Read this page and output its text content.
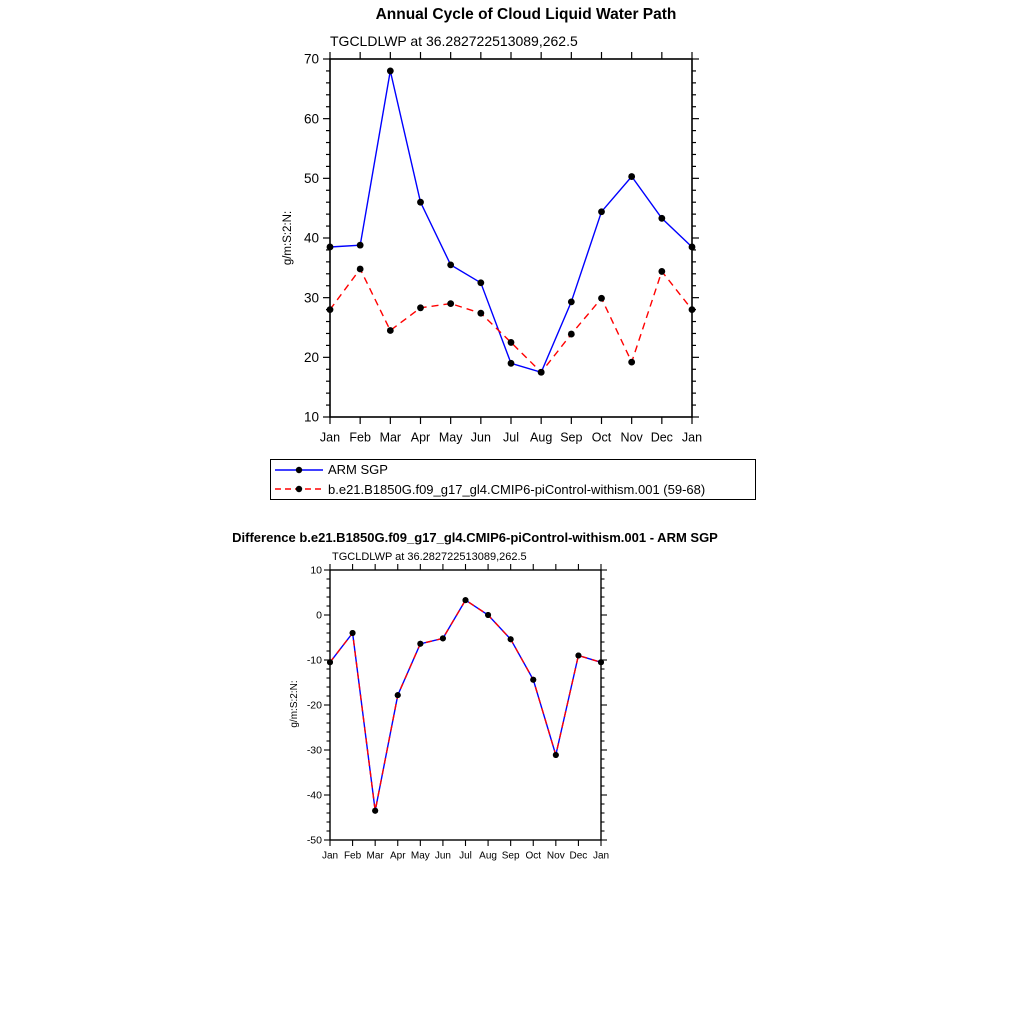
10
20
30
40
50
60
70
Jan Feb Mar Apr May Jun Jul Aug Sep Oct Nov Dec Jan
-50
-40
-30
-20
-10
0
10
Jan Feb Mar Apr May Jun Jul Aug Sep Oct Nov Dec Jan
Annual Cycle of Cloud Liquid Water Path
TGCLDLWP at 36.282722513089,262.5
g/m:S:2:N:
ARM SGP
b.e21.B1850G.f09_g17_gl4.CMIP6-piControl-withism.001 (59-68)
Difference b.e21.B1850G.f09_g17_gl4.CMIP6-piControl-withism.001 - ARM SGP
TGCLDLWP at 36.282722513089,262.5
g/m:S:2:N:
